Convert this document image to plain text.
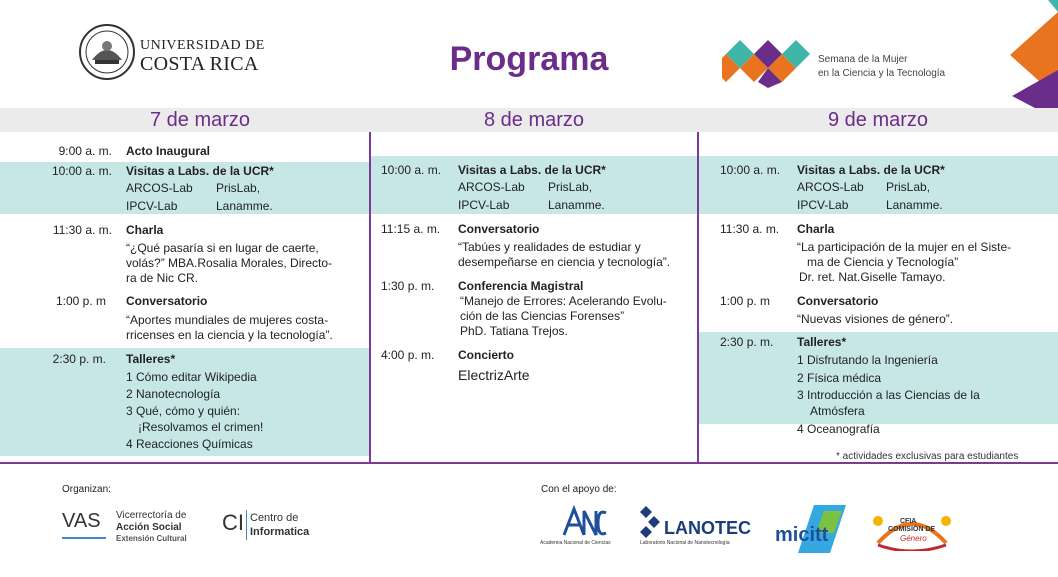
UNIVERSIDAD DE
COSTA RICA	Programa	Semana de la Mujer
en la Ciencia y la Tecnología
7 de marzo	8 de marzo	9 de marzo
9:00 a. m. Acto Inaugural
10:00 a. m. Visitas a Labs. de la UCR*
ARCOS-Lab PrisLab,
IPCV-Lab	Lanamme.
11:30 a. m. Charla
“¿Qué pasaría si en lugar de caerte,
volás?” MBA.Rosalia Morales, Directo-
ra de Nic CR.
1:00 p. m Conversatorio
“Aportes mundiales de mujeres costa-
rricenses en la ciencia y la tecnología”.
2:30 p. m. Talleres*
1 Cómo editar Wikipedia
2 Nanotecnología
3 Qué, cómo y quién:
¡Resolvamos el crimen!
4 Reacciones Químicas
10:00 a. m. Visitas a Labs. de la UCR*
ARCOS-Lab PrisLab,
IPCV-Lab	Lanamme.
11:15 a. m. Conversatorio
“Tabúes y realidades de estudiar y
desempeñarse en ciencia y tecnología”.
1:30 p. m. Conferencia Magistral
“Manejo de Errores: Acelerando Evolu-
ción de las Ciencias Forenses”
PhD. Tatiana Trejos.
4:00 p. m. Concierto
ElectrizArte
10:00 a. m. Visitas a Labs. de la UCR*
ARCOS-Lab PrisLab,
IPCV-Lab	Lanamme.
11:30 a. m. Charla
“La participación de la mujer en el Siste-
ma de Ciencia y Tecnología”
Dr. ret. Nat.Giselle Tamayo.
1:00 p. m Conversatorio
“Nuevas visiones de género”.
2:30 p. m. Talleres*
1 Disfrutando la Ingeniería
2 Física médica
3 Introducción a las Ciencias de la
Atmósfera
4 Oceanografía
* actividades exclusivas para estudiantes
Organizan:
VAS Vicerrectoría de
Acción Social
Extensión Cultural
CI Centro de
Informatica
Con el apoyo de:
Academia Nacional de Ciencias
LANOTEC
Laboratorio Nacional de Nanotecnología micitt
CFIA
COMISIÓN DE
Género
